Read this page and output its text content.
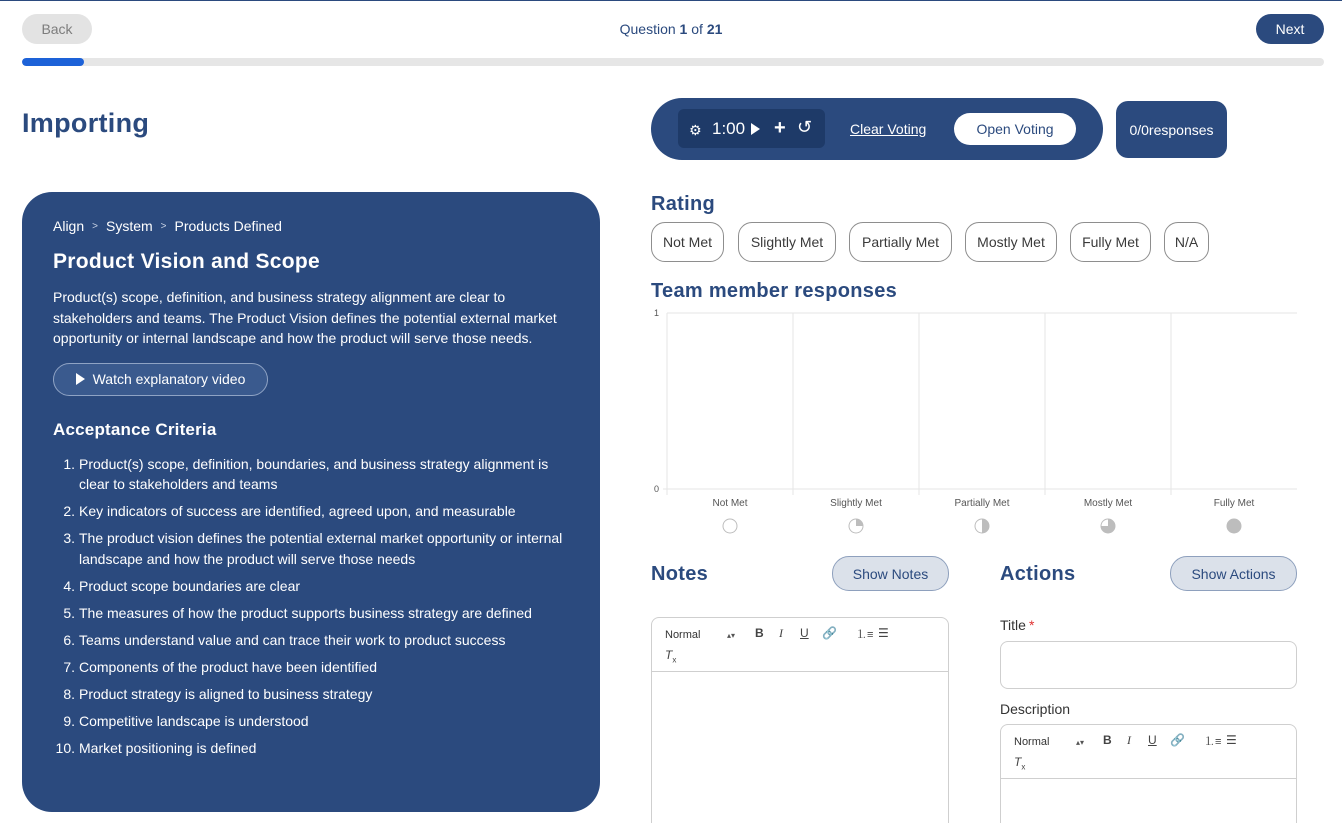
Back	Question 1 of 21	Next
Importing
Align > System > Products Defined
Product Vision and Scope

Product(s) scope, definition, and business strategy alignment are clear to stakeholders and teams. The Product Vision defines the potential external market opportunity or internal landscape and how the product will serve those needs.

Watch explanatory video
Acceptance Criteria
1. Product(s) scope, definition, boundaries, and business strategy alignment is clear to stakeholders and teams
2. Key indicators of success are identified, agreed upon, and measurable
3. The product vision defines the potential external market opportunity or internal landscape and how the product will serve those needs
4. Product scope boundaries are clear
5. The measures of how the product supports business strategy are defined
6. Teams understand value and can trace their work to product success
7. Components of the product have been identified
8. Product strategy is aligned to business strategy
9. Competitive landscape is understood
10. Market positioning is defined
⚙ 1:00 + ↺	Clear Voting	Open Voting	0/0responses
Rating
Not Met	Slightly Met	Partially Met	Mostly Met	Fully Met	N/A
Team member responses
1
0
Not Met	Slightly Met	Partially Met	Mostly Met	Fully Met
Notes	Show Notes	Actions	Show Actions
Normal	▴▾ B I U 🔗 ⒈≡ ☰
$T_x$
Title *
Description
Normal	▴▾ B I U 🔗 ⒈≡ ☰
$T_x$
